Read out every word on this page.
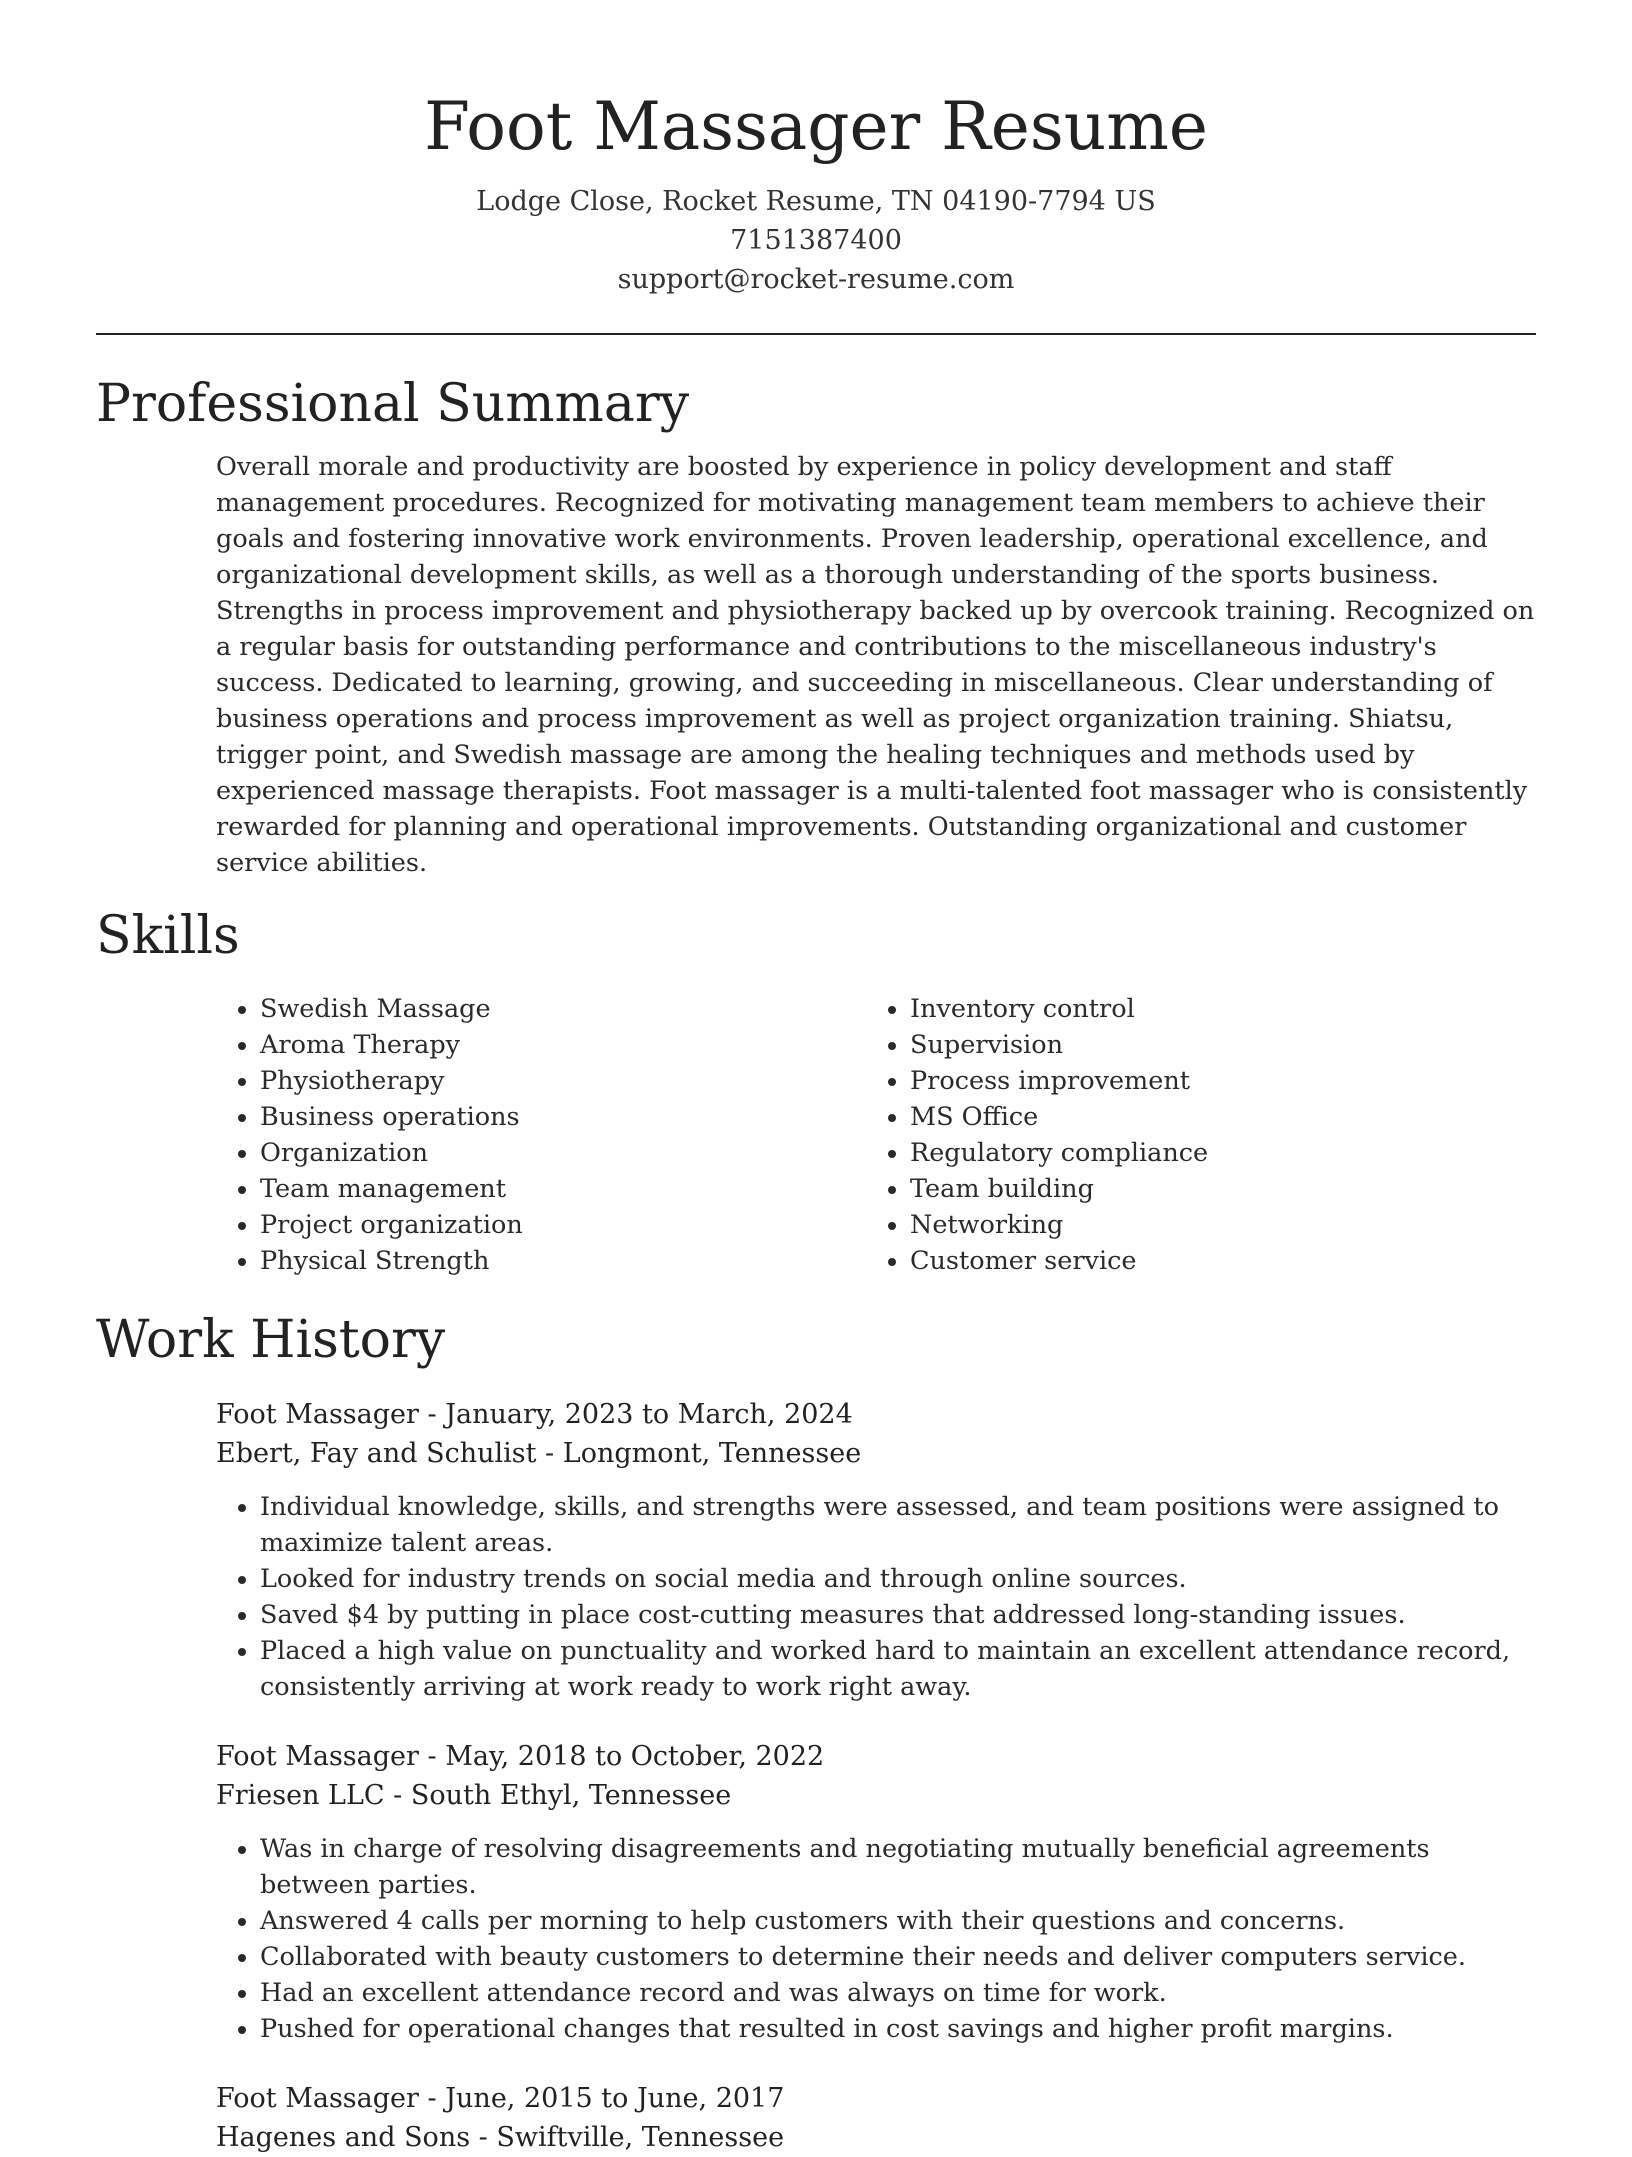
Foot Massager Resume
Lodge Close, Rocket Resume, TN 04190-7794 US
7151387400
support@rocket-resume.com
Professional Summary

Overall morale and productivity are boosted by experience in policy development and staff management procedures. Recognized for motivating management team members to achieve their goals and fostering innovative work environments. Proven leadership, operational excellence, and organizational development skills, as well as a thorough understanding of the sports business. Strengths in process improvement and physiotherapy backed up by overcook training. Recognized on a regular basis for outstanding performance and contributions to the miscellaneous industry's success. Dedicated to learning, growing, and succeeding in miscellaneous. Clear understanding of business operations and process improvement as well as project organization training. Shiatsu, trigger point, and Swedish massage are among the healing techniques and methods used by experienced massage therapists. Foot massager is a multi-talented foot massager who is consistently rewarded for planning and operational improvements. Outstanding organizational and customer service abilities.

Skills
• Swedish Massage
• Aroma Therapy
• Physiotherapy
• Business operations
• Organization
• Team management
• Project organization
• Physical Strength
• Inventory control
• Supervision
• Process improvement
• MS Office
• Regulatory compliance
• Team building
• Networking
• Customer service
Work History
Foot Massager - January, 2023 to March, 2024
Ebert, Fay and Schulist - Longmont, Tennessee
• Individual knowledge, skills, and strengths were assessed, and team positions were assigned to maximize talent areas.
• Looked for industry trends on social media and through online sources.
• Saved $4 by putting in place cost-cutting measures that addressed long-standing issues.
• Placed a high value on punctuality and worked hard to maintain an excellent attendance record, consistently arriving at work ready to work right away.
Foot Massager - May, 2018 to October, 2022
Friesen LLC - South Ethyl, Tennessee
• Was in charge of resolving disagreements and negotiating mutually beneficial agreements between parties.
• Answered 4 calls per morning to help customers with their questions and concerns.
• Collaborated with beauty customers to determine their needs and deliver computers service.
• Had an excellent attendance record and was always on time for work.
• Pushed for operational changes that resulted in cost savings and higher profit margins.
Foot Massager - June, 2015 to June, 2017
Hagenes and Sons - Swiftville, Tennessee
